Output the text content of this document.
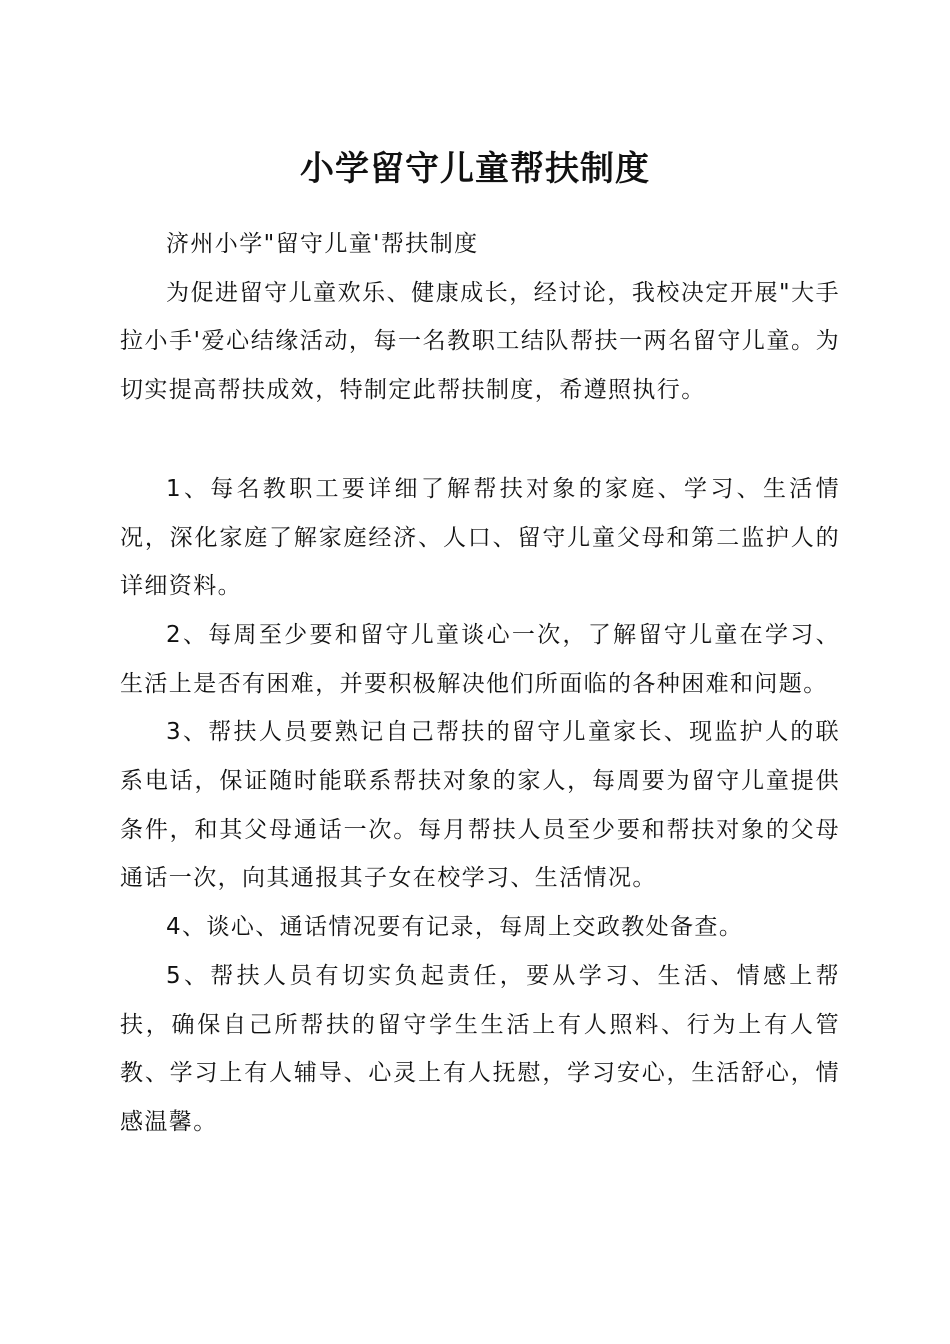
小学留守儿童帮扶制度

济州小学"留守儿童'帮扶制度

为促进留守儿童欢乐、健康成长，经讨论，我校决定开展"大手拉小手'爱心结缘活动，每一名教职工结队帮扶一两名留守儿童。为切实提高帮扶成效，特制定此帮扶制度，希遵照执行。

1、每名教职工要详细了解帮扶对象的家庭、学习、生活情况，深化家庭了解家庭经济、人口、留守儿童父母和第二监护人的详细资料。

2、每周至少要和留守儿童谈心一次，了解留守儿童在学习、生活上是否有困难，并要积极解决他们所面临的各种困难和问题。

3、帮扶人员要熟记自己帮扶的留守儿童家长、现监护人的联系电话，保证随时能联系帮扶对象的家人，每周要为留守儿童提供条件，和其父母通话一次。每月帮扶人员至少要和帮扶对象的父母通话一次，向其通报其子女在校学习、生活情况。

4、谈心、通话情况要有记录，每周上交政教处备查。

5、帮扶人员有切实负起责任，要从学习、生活、情感上帮扶，确保自己所帮扶的留守学生生活上有人照料、行为上有人管教、学习上有人辅导、心灵上有人抚慰，学习安心，生活舒心，情感温馨。
